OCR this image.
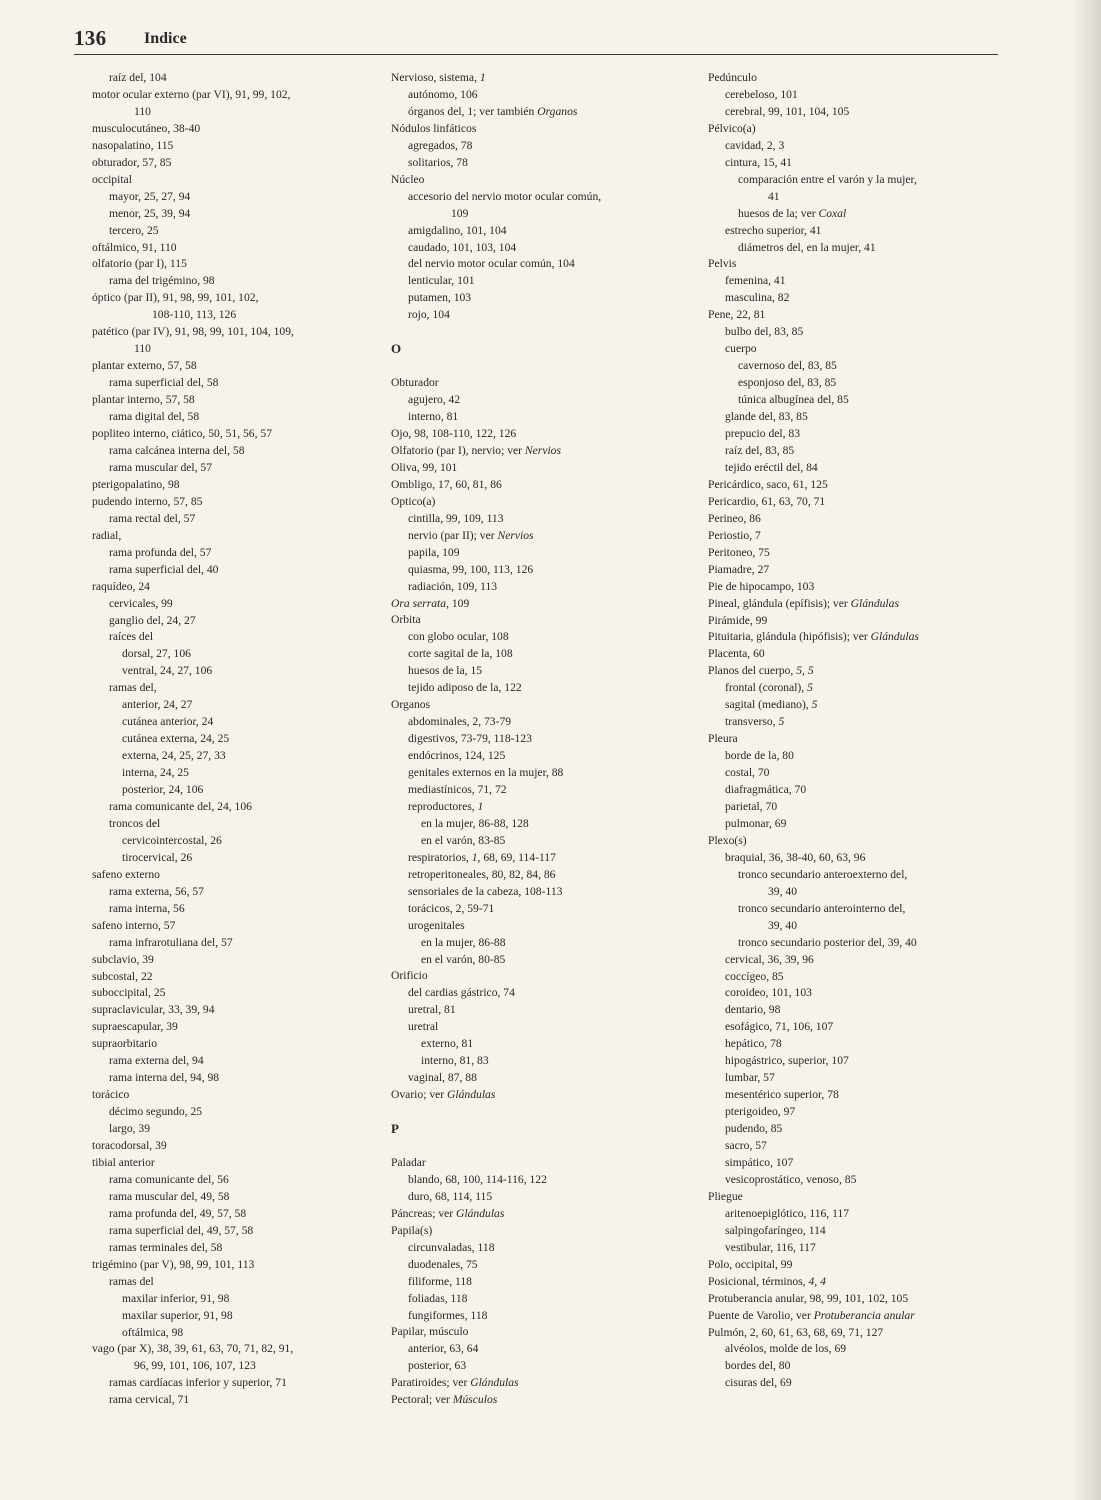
136 Indice
raíz del, 104
motor ocular externo (par VI), 91, 99, 102,
110
musculocutáneo, 38-40
nasopalatino, 115
obturador, 57, 85
occipital
mayor, 25, 27, 94
menor, 25, 39, 94
tercero, 25
oftálmico, 91, 110
olfatorio (par I), 115
rama del trigémino, 98
óptico (par II), 91, 98, 99, 101, 102,
108-110, 113, 126
patético (par IV), 91, 98, 99, 101, 104, 109,
110
plantar externo, 57, 58
rama superficial del, 58
plantar interno, 57, 58
rama digital del, 58
popliteo interno, ciático, 50, 51, 56, 57
rama calcánea interna del, 58
rama muscular del, 57
pterigopalatino, 98
pudendo interno, 57, 85
rama rectal del, 57
radial,
rama profunda del, 57
rama superficial del, 40
raquídeo, 24
cervicales, 99
ganglio del, 24, 27
raíces del
dorsal, 27, 106
ventral, 24, 27, 106
ramas del,
anterior, 24, 27
cutánea anterior, 24
cutánea externa, 24, 25
externa, 24, 25, 27, 33
interna, 24, 25
posterior, 24, 106
rama comunicante del, 24, 106
troncos del
cervicointercostal, 26
tirocervical, 26
safeno externo
rama externa, 56, 57
rama interna, 56
safeno interno, 57
rama infrarotuliana del, 57
subclavio, 39
subcostal, 22
suboccipital, 25
supraclavicular, 33, 39, 94
supraescapular, 39
supraorbitario
rama externa del, 94
rama interna del, 94, 98
torácico
décimo segundo, 25
largo, 39
toracodorsal, 39
tibial anterior
rama comunicante del, 56
rama muscular del, 49, 58
rama profunda del, 49, 57, 58
rama superficial del, 49, 57, 58
ramas terminales del, 58
trigémino (par V), 98, 99, 101, 113
ramas del
maxilar inferior, 91, 98
maxilar superior, 91, 98
oftálmica, 98
vago (par X), 38, 39, 61, 63, 70, 71, 82, 91,
96, 99, 101, 106, 107, 123
ramas cardíacas inferior y superior, 71
rama cervical, 71
Nervioso, sistema, 1
autónomo, 106
órganos del, 1; ver también Organos
Nódulos linfáticos
agregados, 78
solitarios, 78
Núcleo
accesorio del nervio motor ocular común,
109
amigdalino, 101, 104
caudado, 101, 103, 104
del nervio motor ocular común, 104
lenticular, 101
putamen, 103
rojo, 104
O
Obturador
agujero, 42
interno, 81
Ojo, 98, 108-110, 122, 126
Olfatorio (par I), nervio; ver Nervios
Oliva, 99, 101
Ombligo, 17, 60, 81, 86
Optico(a)
cintilla, 99, 109, 113
nervio (par II); ver Nervios
papila, 109
quiasma, 99, 100, 113, 126
radiación, 109, 113
Ora serrata, 109
Orbita
con globo ocular, 108
corte sagital de la, 108
huesos de la, 15
tejido adiposo de la, 122
Organos
abdominales, 2, 73-79
digestivos, 73-79, 118-123
endócrinos, 124, 125
genitales externos en la mujer, 88
mediastínicos, 71, 72
reproductores, 1
en la mujer, 86-88, 128
en el varón, 83-85
respiratorios, 1, 68, 69, 114-117
retroperitoneales, 80, 82, 84, 86
sensoriales de la cabeza, 108-113
torácicos, 2, 59-71
urogenitales
en la mujer, 86-88
en el varón, 80-85
Orificio
del cardias gástrico, 74
uretral, 81
uretral
externo, 81
interno, 81, 83
vaginal, 87, 88
Ovario; ver Glándulas
P
Paladar
blando, 68, 100, 114-116, 122
duro, 68, 114, 115
Páncreas; ver Glándulas
Papila(s)
circunvaladas, 118
duodenales, 75
filiforme, 118
foliadas, 118
fungiformes, 118
Papilar, músculo
anterior, 63, 64
posterior, 63
Paratiroides; ver Glándulas
Pectoral; ver Músculos
Pedúnculo
cerebeloso, 101
cerebral, 99, 101, 104, 105
Pélvico(a)
cavidad, 2, 3
cintura, 15, 41
comparación entre el varón y la mujer,
41
huesos de la; ver Coxal
estrecho superior, 41
diámetros del, en la mujer, 41
Pelvis
femenina, 41
masculina, 82
Pene, 22, 81
bulbo del, 83, 85
cuerpo
cavernoso del, 83, 85
esponjoso del, 83, 85
túnica albugínea del, 85
glande del, 83, 85
prepucio del, 83
raíz del, 83, 85
tejido eréctil del, 84
Pericárdico, saco, 61, 125
Pericardio, 61, 63, 70, 71
Perineo, 86
Periostio, 7
Peritoneo, 75
Piamadre, 27
Pie de hipocampo, 103
Pineal, glándula (epífisis); ver Glándulas
Pirámide, 99
Pituitaria, glándula (hipófisis); ver Glándulas
Placenta, 60
Planos del cuerpo, 5, 5
frontal (coronal), 5
sagital (mediano), 5
transverso, 5
Pleura
borde de la, 80
costal, 70
diafragmática, 70
parietal, 70
pulmonar, 69
Plexo(s)
braquial, 36, 38-40, 60, 63, 96
tronco secundario anteroexterno del,
39, 40
tronco secundario anterointerno del,
39, 40
tronco secundario posterior del, 39, 40
cervical, 36, 39, 96
coccígeo, 85
coroideo, 101, 103
dentario, 98
esofágico, 71, 106, 107
hepático, 78
hipogástrico, superior, 107
lumbar, 57
mesentérico superior, 78
pterigoideo, 97
pudendo, 85
sacro, 57
simpático, 107
vesicoprostático, venoso, 85
Pliegue
aritenoepiglótico, 116, 117
salpingofaríngeo, 114
vestibular, 116, 117
Polo, occipital, 99
Posicional, términos, 4, 4
Protuberancia anular, 98, 99, 101, 102, 105
Puente de Varolio, ver Protuberancia anular
Pulmón, 2, 60, 61, 63, 68, 69, 71, 127
alvéolos, molde de los, 69
bordes del, 80
cisuras del, 69
